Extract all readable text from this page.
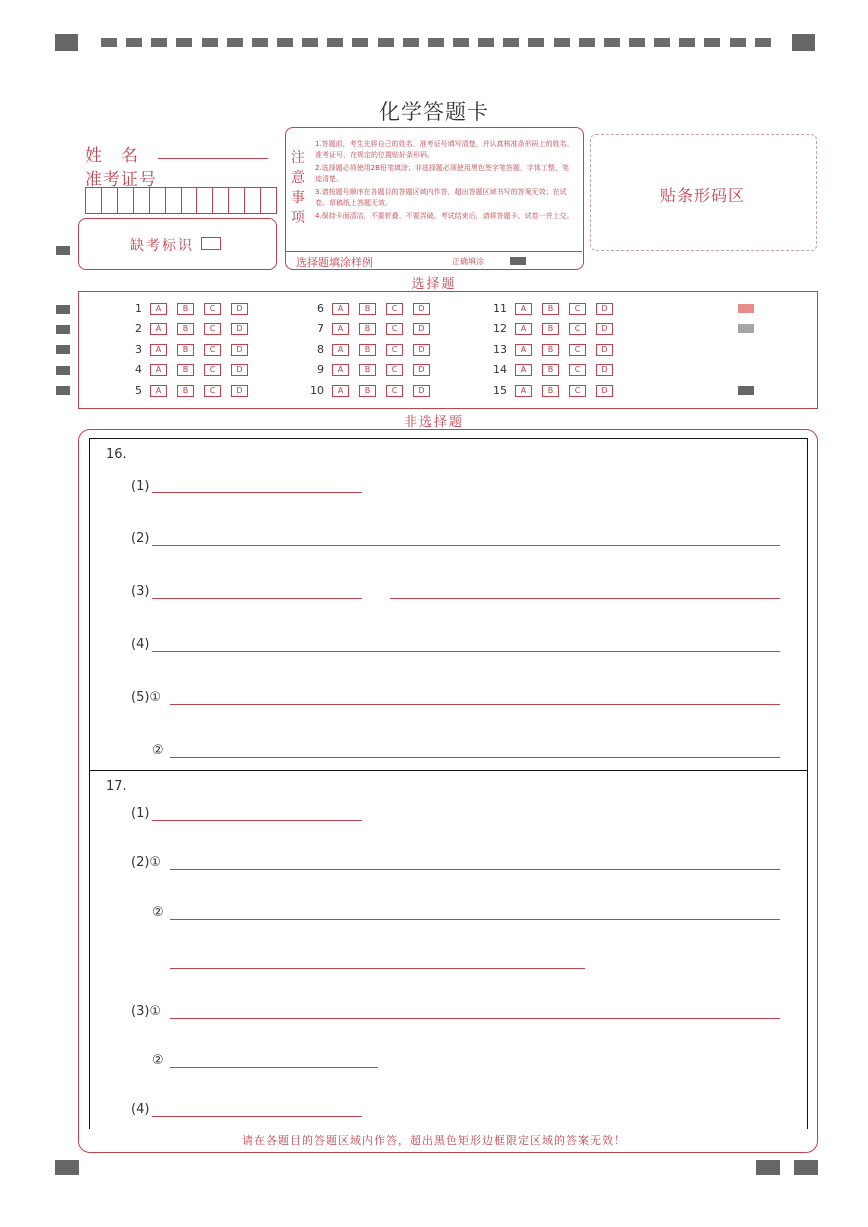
化学答题卡
姓　名
准考证号
缺考标识
注意事项
1.答题前，考生先将自己的姓名、准考证号填写清楚，并认真核准条形码上的姓名、准考证号，在规定的位置贴好条形码。
2.选择题必须使用2B铅笔填涂；非选择题必须使用黑色签字笔答题，字体工整、笔迹清楚。
3.请按题号顺序在各题目的答题区域内作答，超出答题区域书写的答案无效；在试卷、草稿纸上答题无效。
4.保持卡面清洁，不要折叠、不要弄破。考试结束后，请将答题卡、试卷一并上交。
选择题填涂样例	正确填涂
贴条形码区
选择题
1	A	B	C	D
2	A	B	C	D
3	A	B	C	D
4	A	B	C	D
5	A	B	C	D
6	A	B	C	D
7	A	B	C	D
8	A	B	C	D
9	A	B	C	D
10	A	B	C	D
11	A	B	C	D
12	A	B	C	D
13	A	B	C	D
14	A	B	C	D
15	A	B	C	D
非选择题
16.
(1)
(2)
(3)
(4)
(5)①
②
17.
(1)
(2)①
②
(3)①
②
(4)
请在各题目的答题区域内作答，超出黑色矩形边框限定区域的答案无效！
